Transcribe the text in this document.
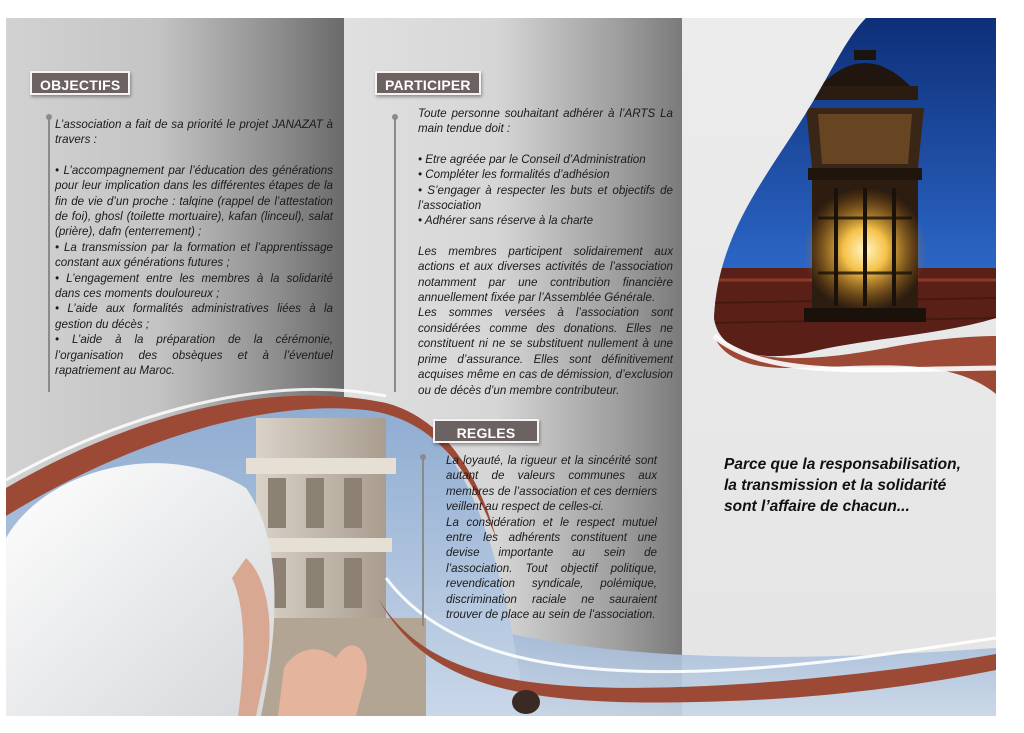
OBJECTIFS	PARTICIPER
REGLES

L’association a fait de sa priorité le projet JANAZAT à travers :

• L’accompagnement par l’éducation des générations pour leur implication dans les différentes étapes de la fin de vie d’un proche : talqine (rappel de l’attestation de foi), ghosl (toilette mortuaire), kafan (linceul), salat (prière), dafn (enterrement) ;

• La transmission par la formation et l’apprentissage constant aux générations futures ;

• L’engagement entre les membres à la solidarité dans ces moments douloureux ;

• L’aide aux formalités administratives liées à la gestion du décès ;

• L’aide à la préparation de la cérémonie, l’organisation des obsèques et à l’éventuel rapatriement au Maroc.

Toute personne souhaitant adhérer à l’ARTS La main tendue doit :

• Etre agréée par le Conseil d’Administration

• Compléter les formalités d’adhésion

• S’engager à respecter les buts et objectifs de l’association

• Adhérer sans réserve à la charte

Les membres participent solidairement aux actions et aux diverses activités de l’association notamment par une contribution financière annuellement fixée par l’Assemblée Générale.

Les sommes versées à l’association sont considérées comme des donations. Elles ne constituent ni ne se substituent nullement à une prime d’assurance. Elles sont définitivement acquises même en cas de démission, d’exclusion ou de décès d’un membre contributeur.

La loyauté, la rigueur et la sincérité sont autant de valeurs communes aux membres de l’association et ces derniers veillent au respect de celles-ci.

La considération et le respect mutuel entre les adhérents constituent une devise importante au sein de l’association. Tout objectif politique, revendication syndicale, polémique, discrimination raciale ne sauraient trouver de place au sein de l’association.

Parce que la responsabilisation, la transmission et la solidarité sont l’affaire de chacun...
